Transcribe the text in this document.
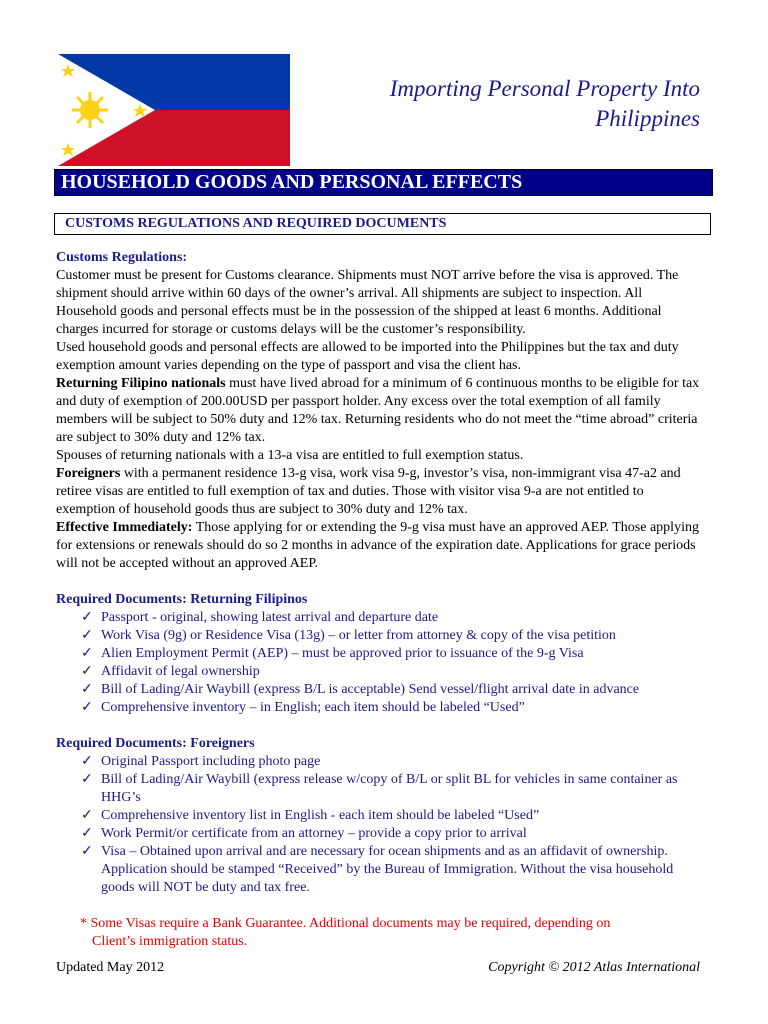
Importing Personal Property Into
Philippines
HOUSEHOLD GOODS AND PERSONAL EFFECTS
CUSTOMS REGULATIONS AND REQUIRED DOCUMENTS

Customs Regulations:

Customer must be present for Customs clearance. Shipments must NOT arrive before the visa is approved. The shipment should arrive within 60 days of the owner’s arrival. All shipments are subject to inspection. All Household goods and personal effects must be in the possession of the shipped at least 6 months. Additional charges incurred for storage or customs delays will be the customer’s responsibility.

Used household goods and personal effects are allowed to be imported into the Philippines but the tax and duty exemption amount varies depending on the type of passport and visa the client has.

Returning Filipino nationals must have lived abroad for a minimum of 6 continuous months to be eligible for tax and duty of exemption of 200.00USD per passport holder. Any excess over the total exemption of all family members will be subject to 50% duty and 12% tax. Returning residents who do not meet the “time abroad” criteria are subject to 30% duty and 12% tax.

Spouses of returning nationals with a 13-a visa are entitled to full exemption status.

Foreigners with a permanent residence 13-g visa, work visa 9-g, investor’s visa, non-immigrant visa 47-a2 and retiree visas are entitled to full exemption of tax and duties. Those with visitor visa 9-a are not entitled to exemption of household goods thus are subject to 30% duty and 12% tax.

Effective Immediately: Those applying for or extending the 9-g visa must have an approved AEP. Those applying for extensions or renewals should do so 2 months in advance of the expiration date. Applications for grace periods will not be accepted without an approved AEP.

Required Documents: Returning Filipinos

✓ Passport - original, showing latest arrival and departure date
✓ Work Visa (9g) or Residence Visa (13g) – or letter from attorney & copy of the visa petition
✓ Alien Employment Permit (AEP) – must be approved prior to issuance of the 9-g Visa
✓ Affidavit of legal ownership
✓ Bill of Lading/Air Waybill (express B/L is acceptable) Send vessel/flight arrival date in advance
✓ Comprehensive inventory – in English; each item should be labeled “Used”

Required Documents: Foreigners

✓ Original Passport including photo page
✓ Bill of Lading/Air Waybill (express release w/copy of B/L or split BL for vehicles in same container as HHG’s
✓ Comprehensive inventory list in English - each item should be labeled “Used”
✓ Work Permit/or certificate from an attorney – provide a copy prior to arrival
✓ Visa – Obtained upon arrival and are necessary for ocean shipments and as an affidavit of ownership. Application should be stamped “Received” by the Bureau of Immigration. Without the visa household goods will NOT be duty and tax free.

* Some Visas require a Bank Guarantee. Additional documents may be required, depending on
Client’s immigration status.

Updated May 2012	Copyright © 2012 Atlas International
